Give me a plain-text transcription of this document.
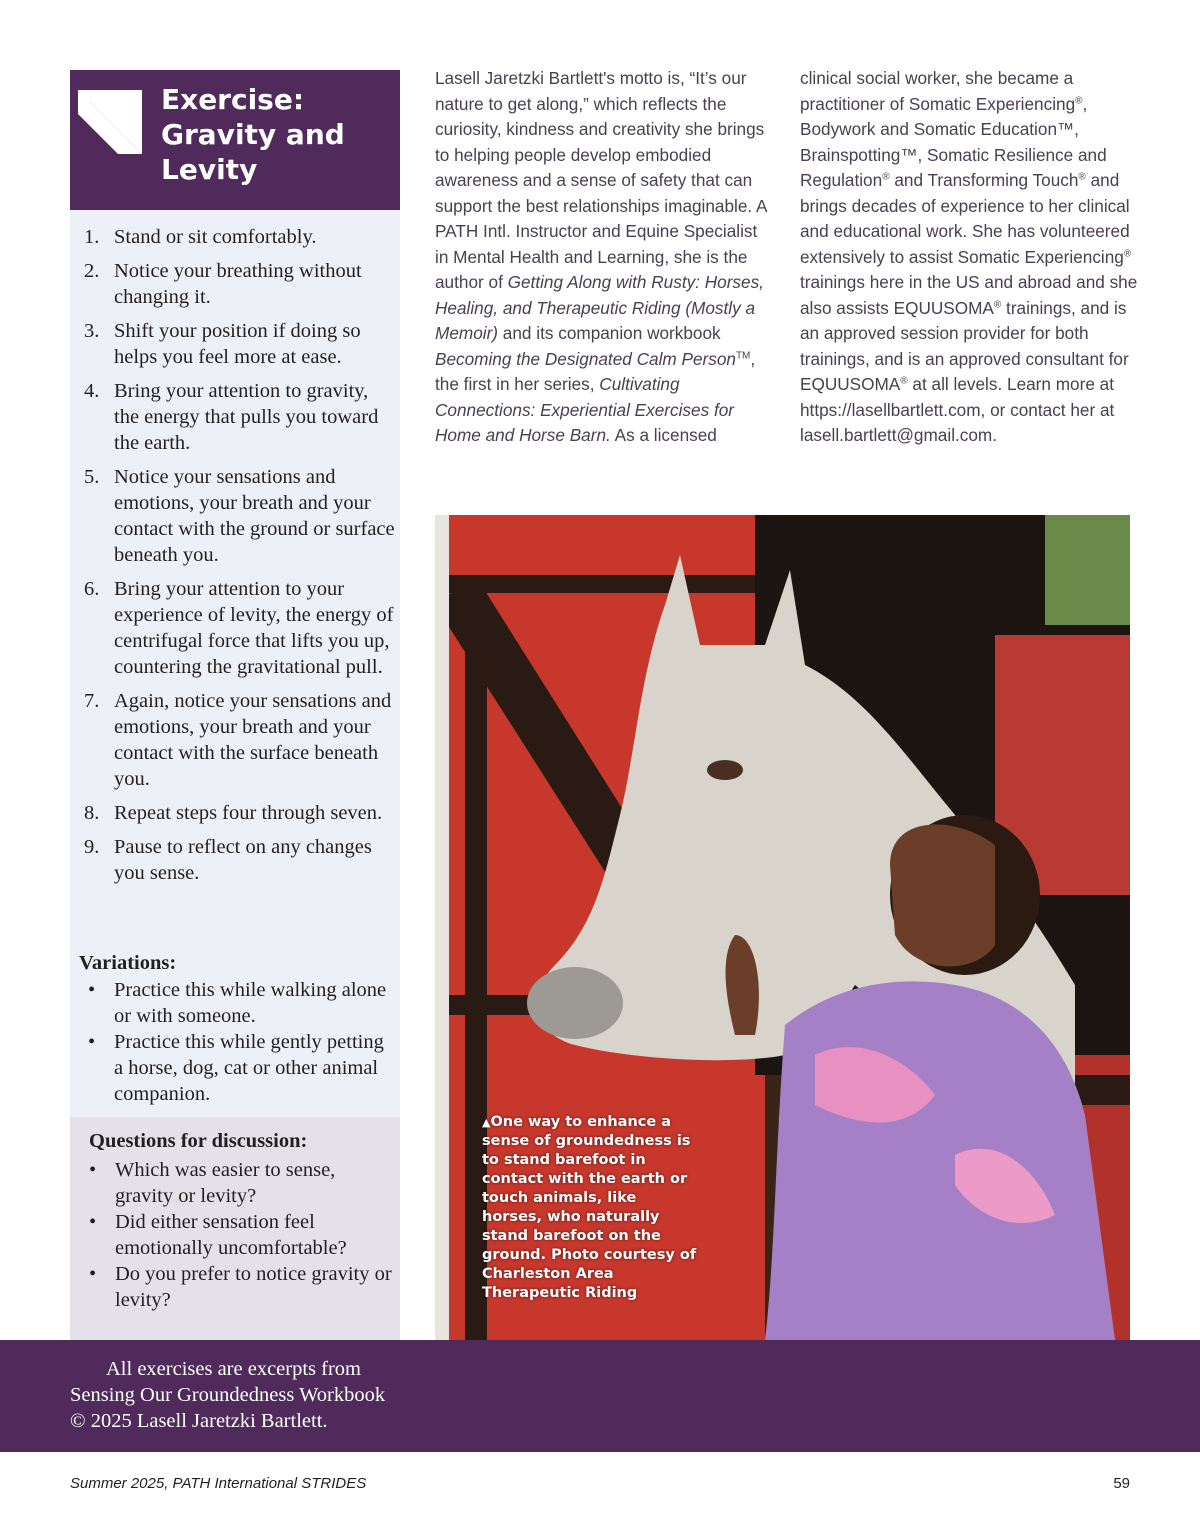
Exercise:
Gravity and
Levity
1. Stand or sit comfortably.
2. Notice your breathing without changing it.
3. Shift your position if doing so helps you feel more at ease.
4. Bring your attention to gravity, the energy that pulls you toward the earth.
5. Notice your sensations and emotions, your breath and your contact with the ground or surface beneath you.
6. Bring your attention to your experience of levity, the energy of centrifugal force that lifts you up, countering the gravitational pull.
7. Again, notice your sensations and emotions, your breath and your contact with the surface beneath you.
8. Repeat steps four through seven.
9. Pause to reflect on any changes you sense.
Variations:
• Practice this while walking alone or with someone.
• Practice this while gently petting a horse, dog, cat or other animal companion.
Questions for discussion:
• Which was easier to sense, gravity or levity?
• Did either sensation feel emotionally uncomfortable?
• Do you prefer to notice gravity or levity?

Lasell Jaretzki Bartlett's motto is, “It’s our nature to get along,” which reflects the curiosity, kindness and creativity she brings to helping people develop embodied awareness and a sense of safety that can support the best relationships imaginable. A PATH Intl. Instructor and Equine Specialist in Mental Health and Learning, she is the author of Getting Along with Rusty: Horses, Healing, and Therapeutic Riding (Mostly a Memoir) and its companion workbook Becoming the Designated Calm Person™, the first in her series, Cultivating Connections: Experiential Exercises for Home and Horse Barn. As a licensed

clinical social worker, she became a practitioner of Somatic Experiencing®, Bodywork and Somatic Education™, Brainspotting™, Somatic Resilience and Regulation® and Transforming Touch® and brings decades of experience to her clinical and educational work. She has volunteered extensively to assist Somatic Experiencing® trainings here in the US and abroad and she also assists EQUUSOMA® trainings, and is an approved session provider for both trainings, and is an approved consultant for EQUUSOMA® at all levels. Learn more at https://lasellbartlett.com, or contact her at lasell.bartlett@gmail.com.

▲One way to enhance a sense of groundedness is to stand barefoot in contact with the earth or touch animals, like horses, who naturally stand barefoot on the ground. Photo courtesy of Charleston Area Therapeutic Riding
All exercises are excerpts from
Sensing Our Groundedness Workbook
© 2025 Lasell Jaretzki Bartlett.
Summer 2025, PATH International STRIDES	59
